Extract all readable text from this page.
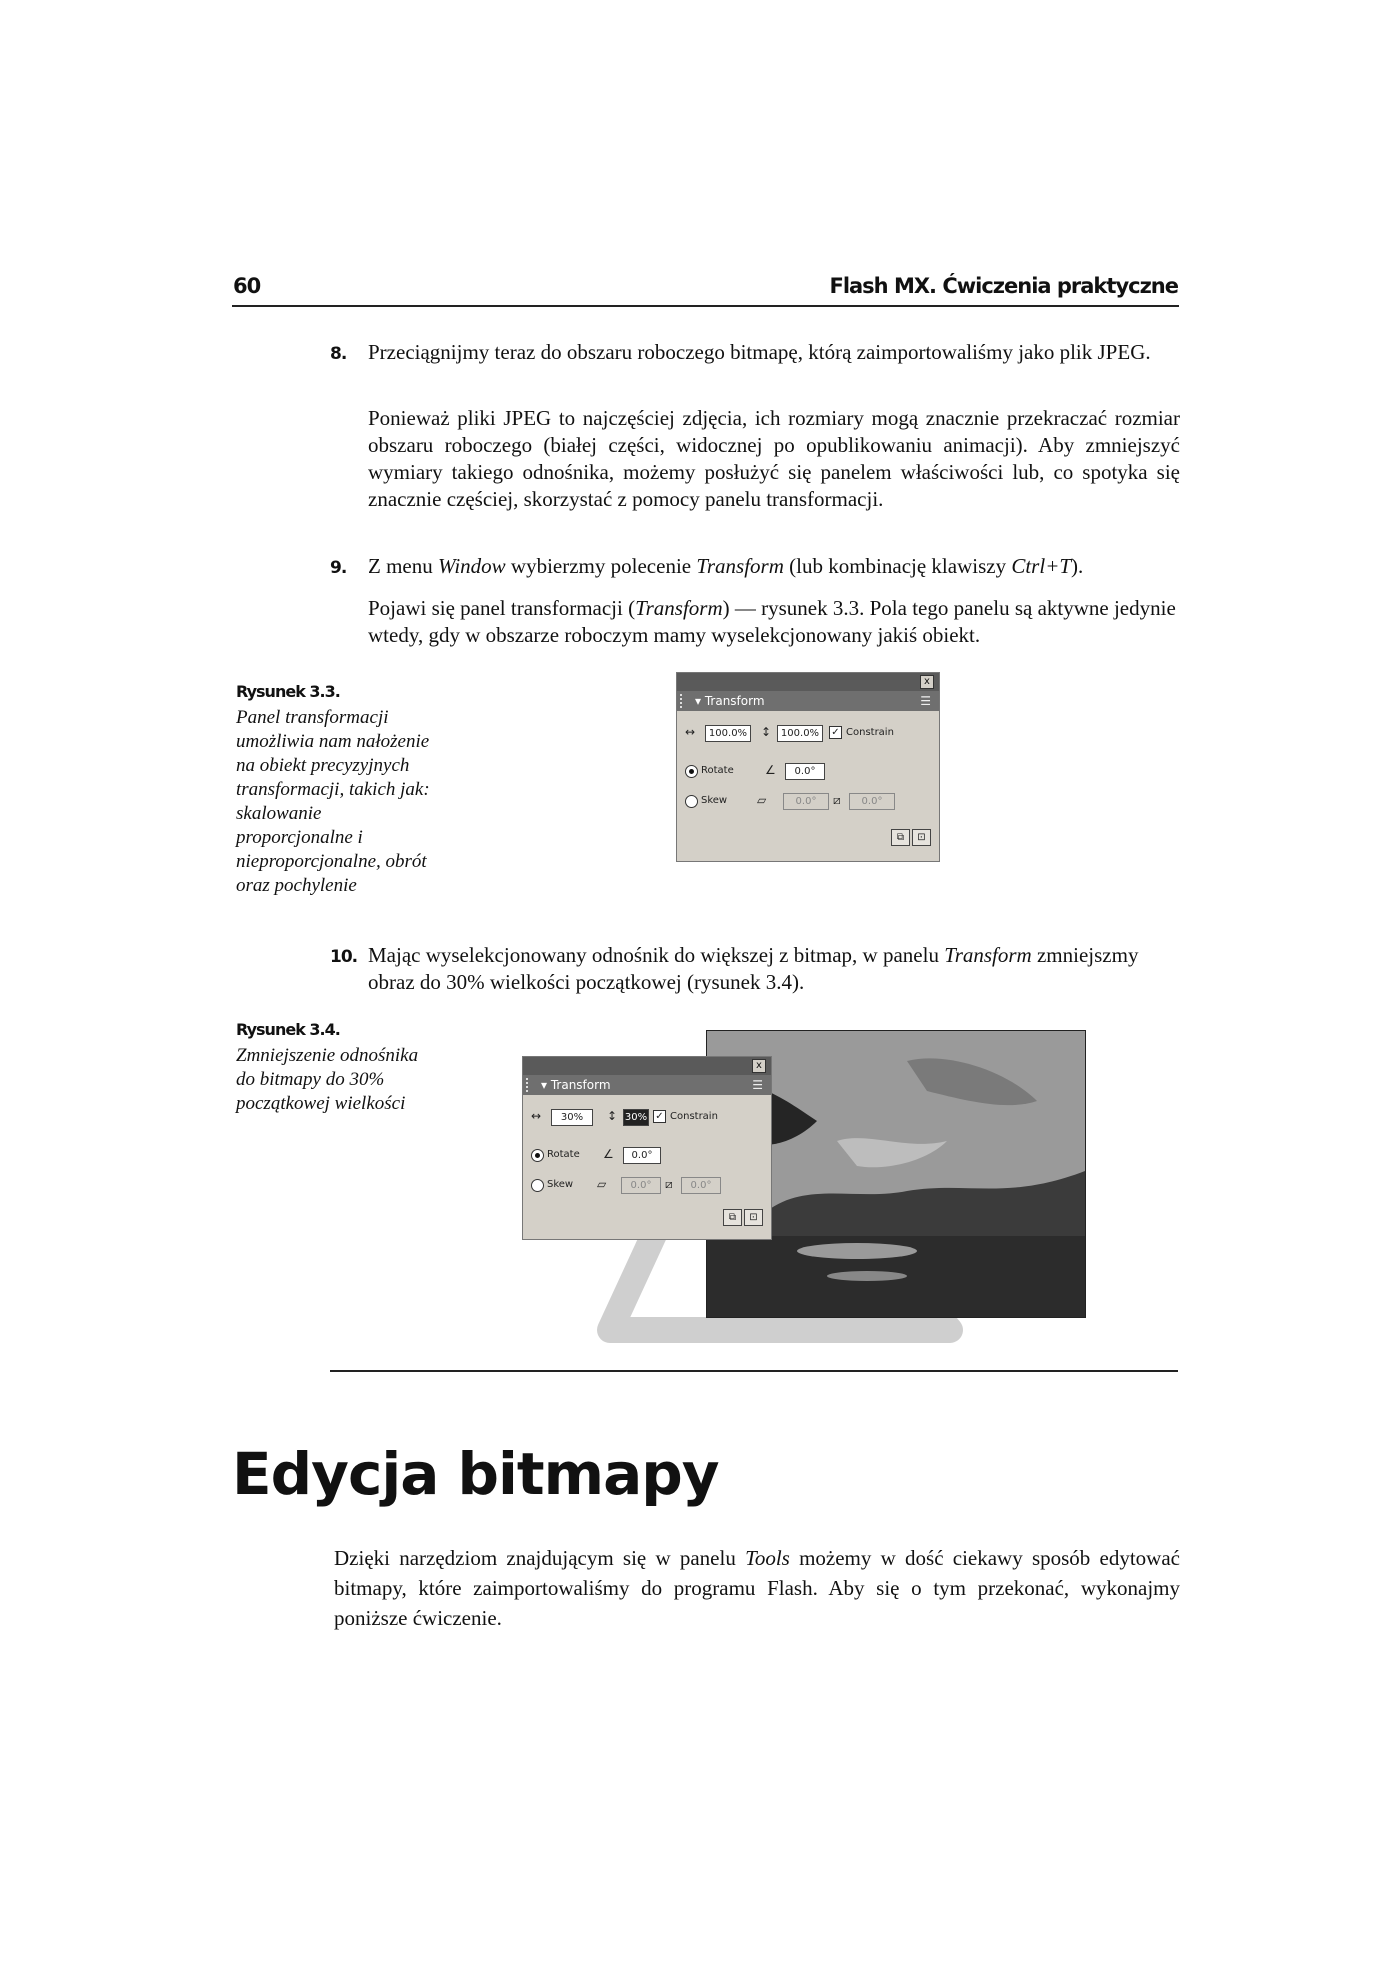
60	Flash MX. Ćwiczenia praktyczne
8. Przeciągnijmy teraz do obszaru roboczego bitmapę, którą zaimportowaliśmy jako plik JPEG.
Ponieważ pliki JPEG to najczęściej zdjęcia, ich rozmiary mogą znacznie przekraczać rozmiar obszaru roboczego (białej części, widocznej po opublikowaniu animacji). Aby zmniejszyć wymiary takiego odnośnika, możemy posłużyć się panelem właściwości lub, co spotyka się znacznie częściej, skorzystać z pomocy panelu transformacji.
9. Z menu Window wybierzmy polecenie Transform (lub kombinację klawiszy Ctrl+T).
Pojawi się panel transformacji (Transform) — rysunek 3.3. Pola tego panelu są aktywne jedynie wtedy, gdy w obszarze roboczym mamy wyselekcjonowany jakiś obiekt.
Rysunek 3.3.
Panel transformacji umożliwia nam nałożenie na obiekt precyzyjnych transformacji, takich jak: skalowanie proporcjonalne i nieproporcjonalne, obrót oraz pochylenie
x
▾ Transform	☰
↔	100.0%	↕ 100.0%	✓ Constrain
Rotate	∠	0.0°
Skew ▱	0.0°	⧄	0.0°
⧉	⊡
10. Mając wyselekcjonowany odnośnik do większej z bitmap, w panelu Transform zmniejszmy obraz do 30% wielkości początkowej (rysunek 3.4).
Rysunek 3.4.
Zmniejszenie odnośnika do bitmapy do 30% początkowej wielkości
x
▾ Transform	☰
↔	30%	↕ 30% ✓ Constrain
Rotate ∠	0.0°
Skew ▱	0.0°	⧄	0.0°
⧉	⊡
Edycja bitmapy
Dzięki narzędziom znajdującym się w panelu Tools możemy w dość ciekawy sposób edytować bitmapy, które zaimportowaliśmy do programu Flash. Aby się o tym przekonać, wykonajmy poniższe ćwiczenie.
